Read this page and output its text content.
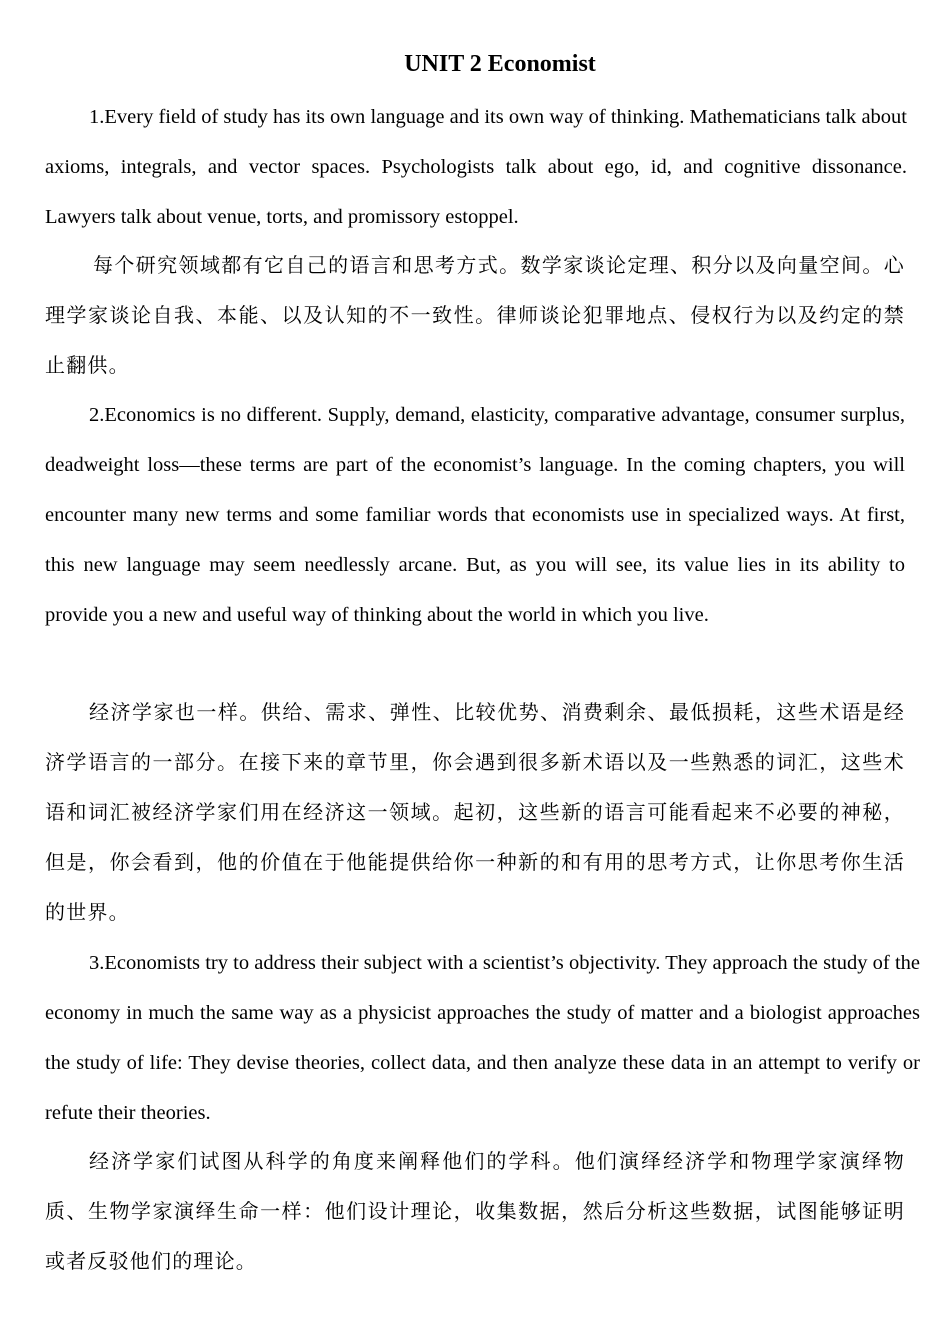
UNIT 2 Economist

1.Every field of study has its own language and its own way of thinking. Mathematicians talk about axioms, integrals, and vector spaces. Psychologists talk about ego, id, and cognitive dissonance. Lawyers talk about venue, torts, and promissory estoppel.

每个研究领域都有它自己的语言和思考方式。数学家谈论定理、积分以及向量空间。心理学家谈论自我、本能、以及认知的不一致性。律师谈论犯罪地点、侵权行为以及约定的禁止翻供。

2.Economics is no different. Supply, demand, elasticity, comparative advantage, consumer surplus, deadweight loss—these terms are part of the economist’s language. In the coming chapters, you will encounter many new terms and some familiar words that economists use in specialized ways. At first, this new language may seem needlessly arcane. But, as you will see, its value lies in its ability to provide you a new and useful way of thinking about the world in which you live.

经济学家也一样。供给、需求、弹性、比较优势、消费剩余、最低损耗，这些术语是经济学语言的一部分。在接下来的章节里，你会遇到很多新术语以及一些熟悉的词汇，这些术语和词汇被经济学家们用在经济这一领域。起初，这些新的语言可能看起来不必要的神秘，但是，你会看到，他的价值在于他能提供给你一种新的和有用的思考方式，让你思考你生活的世界。

3.Economists try to address their subject with a scientist’s objectivity. They approach the study of the economy in much the same way as a physicist approaches the study of matter and a biologist approaches the study of life: They devise theories, collect data, and then analyze these data in an attempt to verify or refute their theories.

经济学家们试图从科学的角度来阐释他们的学科。他们演绎经济学和物理学家演绎物质、生物学家演绎生命一样：他们设计理论，收集数据，然后分析这些数据，试图能够证明或者反驳他们的理论。
